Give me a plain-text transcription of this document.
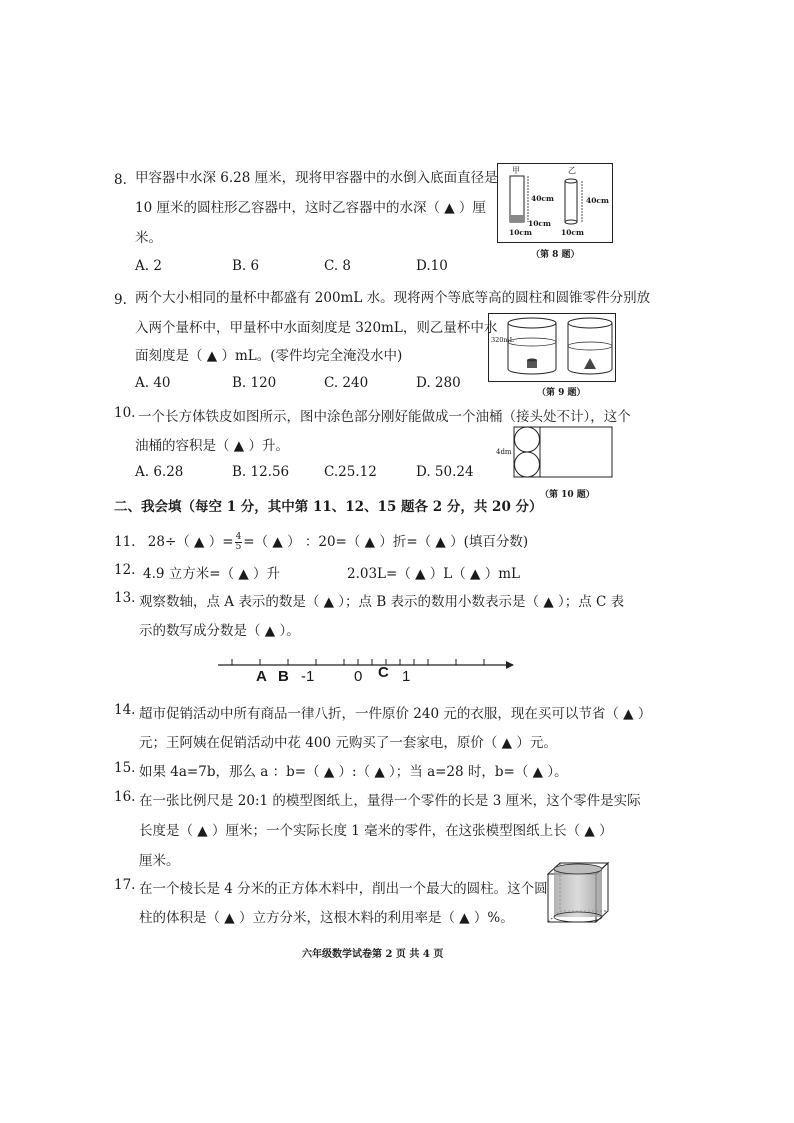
8. 甲容器中水深 6.28 厘米，现将甲容器中的水倒入底面直径是
10 厘米的圆柱形乙容器中，这时乙容器中的水深（ ▲ ）厘
米。
A. 2	B. 6	C. 8	D.10
甲	乙
40cm	40cm
10cm
10cm	10cm
（第 8 题）
9. 两个大小相同的量杯中都盛有 200mL 水。现将两个等底等高的圆柱和圆锥零件分别放
入两个量杯中，甲量杯中水面刻度是 320mL，则乙量杯中水
面刻度是（ ▲ ）mL。(零件均完全淹没水中)
A. 40	B. 120	C. 240	D. 280
320mL
（第 9 题）
10. 一个长方体铁皮如图所示，图中涂色部分刚好能做成一个油桶（接头处不计），这个
油桶的容积是（ ▲ ）升。
A. 6.28	B. 12.56	C.25.12	D. 50.24
4dm
（第 10 题）
二、我会填（每空 1 分，其中第 11、12、15 题各 2 分，共 20 分）
11. 28÷（ ▲ ）= $\frac{4}{5}$ =（ ▲ ） ：20=（ ▲ ）折=（ ▲ ）(填百分数)
12. 4.9 立方米=（ ▲ ）升	2.03L=（ ▲ ）L（ ▲ ）mL
13. 观察数轴，点 A 表示的数是（ ▲ ）；点 B 表示的数用小数表示是（ ▲ ）；点 C 表
示的数写成分数是（ ▲ ）。
A B -1	0 C 1
14. 超市促销活动中所有商品一律八折，一件原价 240 元的衣服，现在买可以节省（ ▲ ）
元；王阿姨在促销活动中花 400 元购买了一套家电，原价（ ▲ ）元。
15. 如果 4a=7b，那么 a ：b=（ ▲ ）:（ ▲ ）；当 a=28 时，b=（ ▲ ）。
16. 在一张比例尺是 20:1 的模型图纸上，量得一个零件的长是 3 厘米，这个零件是实际
长度是（ ▲ ）厘米；一个实际长度 1 毫米的零件，在这张模型图纸上长（ ▲ ）
厘米。
17. 在一个棱长是 4 分米的正方体木料中，削出一个最大的圆柱。这个圆
柱的体积是（ ▲ ）立方分米，这根木料的利用率是（ ▲ ）%。
六年级数学试卷第 2 页 共 4 页
